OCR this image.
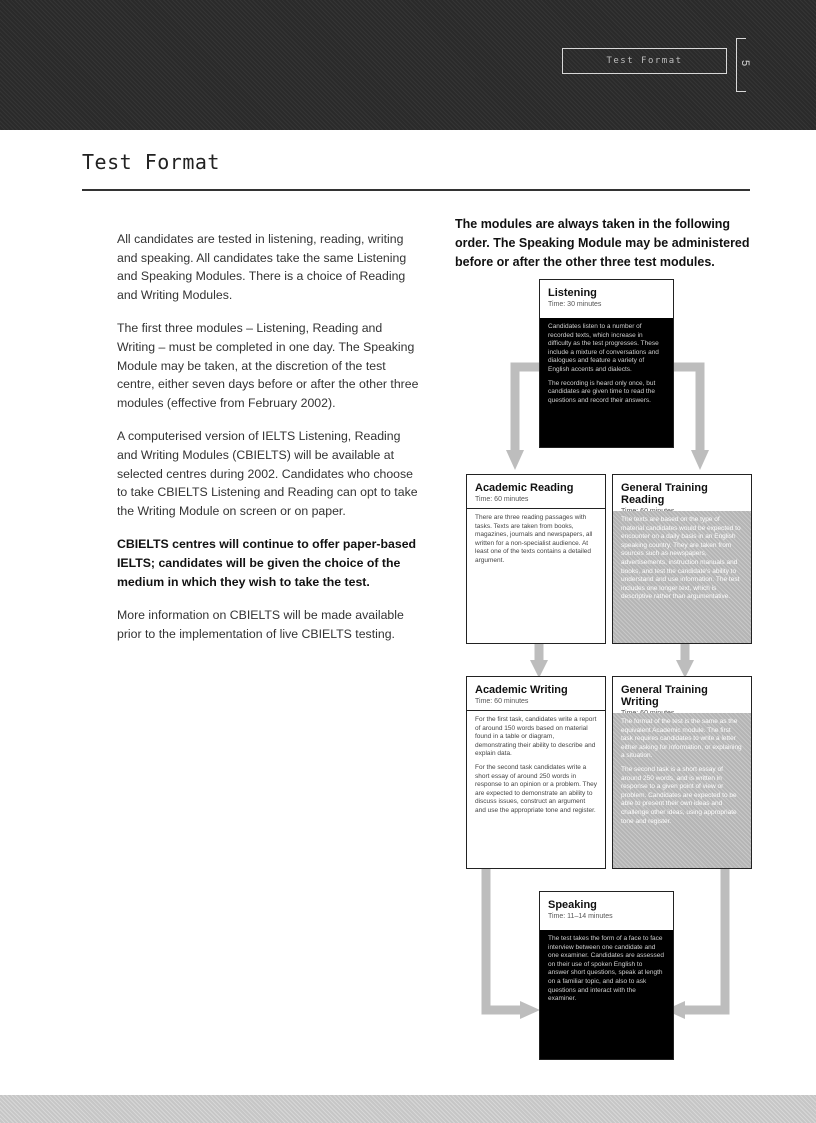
Test Format	5
Test Format

All candidates are tested in listening, reading, writing and speaking. All candidates take the same Listening and Speaking Modules. There is a choice of Reading and Writing Modules.

The first three modules – Listening, Reading and Writing – must be completed in one day. The Speaking Module may be taken, at the discretion of the test centre, either seven days before or after the other three modules (effective from February 2002).

A computerised version of IELTS Listening, Reading and Writing Modules (CBIELTS) will be available at selected centres during 2002. Candidates who choose to take CBIELTS Listening and Reading can opt to take the Writing Module on screen or on paper.

CBIELTS centres will continue to offer paper-based IELTS; candidates will be given the choice of the medium in which they wish to take the test.

More information on CBIELTS will be made available prior to the implementation of live CBIELTS testing.

The modules are always taken in the following order. The Speaking Module may be administered before or after the other three test modules.
Listening
Time: 30 minutes

Candidates listen to a number of recorded texts, which increase in difficulty as the test progresses. These include a mixture of conversations and dialogues and feature a variety of English accents and dialects.

The recording is heard only once, but candidates are given time to read the questions and record their answers.

Academic Reading
Time: 60 minutes

There are three reading passages with tasks. Texts are taken from books, magazines, journals and newspapers, all written for a non-specialist audience. At least one of the texts contains a detailed argument.

General Training Reading

The texts are based on the type of material candidates would be expected to encounter on a daily basis in an English speaking country. They are taken from sources such as newspapers, advertisements, instruction manuals and books, and test the candidate's ability to understand and use information. The test includes one longer text, which is descriptive rather than argumentative.

Academic Writing
Time: 60 minutes

For the first task, candidates write a report of around 150 words based on material found in a table or diagram, demonstrating their ability to describe and explain data.

For the second task candidates write a short essay of around 250 words in response to an opinion or a problem. They are expected to demonstrate an ability to discuss issues, construct an argument and use the appropriate tone and register.

General Training Writing

The format of the test is the same as the equivalent Academic module. The first task requires candidates to write a letter either asking for information, or explaining a situation.

The second task is a short essay of around 250 words, and is written in response to a given point of view or problem. Candidates are expected to be able to present their own ideas and challenge other ideas, using appropriate tone and register.

Speaking
Time: 11–14 minutes

The test takes the form of a face to face interview between one candidate and one examiner. Candidates are assessed on their use of spoken English to answer short questions, speak at length on a familiar topic, and also to ask questions and interact with the examiner.
